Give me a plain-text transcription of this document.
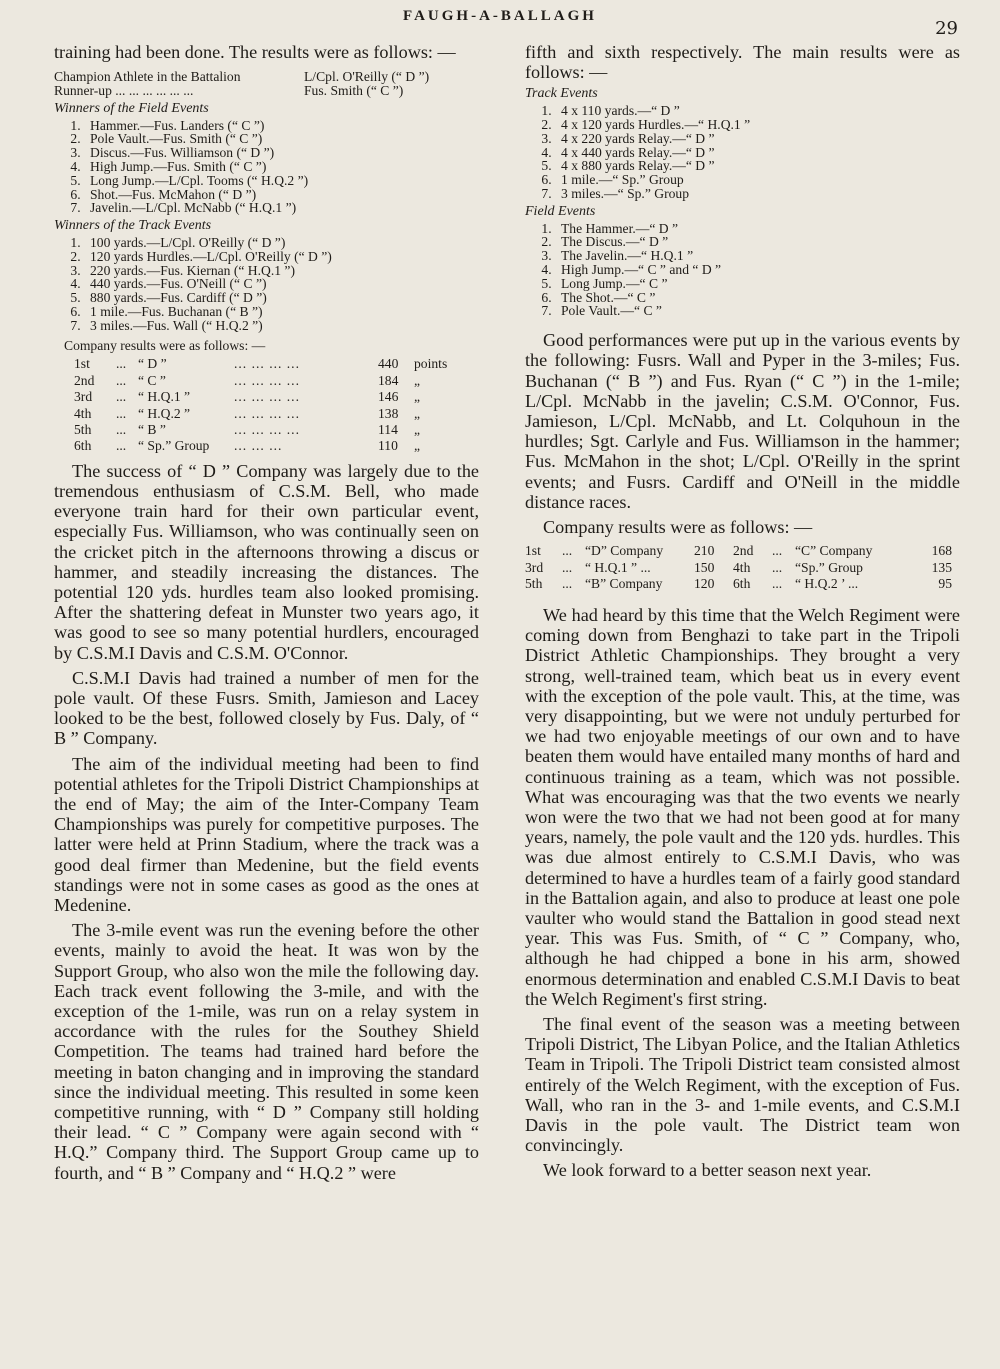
FAUGH-A-BALLAGH
29

training had been done. The results were as follows: —

Champion Athlete in the Battalion	L/Cpl. O'Reilly (“ D ”)
Runner-up ... ... ... ... ... ...	Fus. Smith (“ C ”)
Winners of the Field Events
1. Hammer.—Fus. Landers (“ C ”)
2. Pole Vault.—Fus. Smith (“ C ”)
3. Discus.—Fus. Williamson (“ D ”)
4. High Jump.—Fus. Smith (“ C ”)
5. Long Jump.—L/Cpl. Tooms (“ H.Q.2 ”)
6. Shot.—Fus. McMahon (“ D ”)
7. Javelin.—L/Cpl. McNabb (“ H.Q.1 ”)
Winners of the Track Events
1. 100 yards.—L/Cpl. O'Reilly (“ D ”)
2. 120 yards Hurdles.—L/Cpl. O'Reilly (“ D ”)
3. 220 yards.—Fus. Kiernan (“ H.Q.1 ”)
4. 440 yards.—Fus. O'Neill (“ C ”)
5. 880 yards.—Fus. Cardiff (“ D ”)
6. 1 mile.—Fus. Buchanan (“ B ”)
7. 3 miles.—Fus. Wall (“ H.Q.2 ”)
Company results were as follows: —
1st	...	“ D ”	... ... ... ...	440	points
2nd	...	“ C ”	... ... ... ...	184	„
3rd	...	“ H.Q.1 ”	... ... ... ...	146	„
4th	...	“ H.Q.2 ”	... ... ... ...	138	„
5th	...	“ B ”	... ... ... ...	114	„
6th	...	“ Sp.” Group	... ... ...	110	„

The success of “ D ” Company was largely due to the tremendous enthusiasm of C.S.M. Bell, who made everyone train hard for their own particular event, especially Fus. Williamson, who was continually seen on the cricket pitch in the afternoons throwing a discus or hammer, and steadily increasing the distances. The potential 120 yds. hurdles team also looked promising. After the shattering defeat in Munster two years ago, it was good to see so many potential hurdlers, encouraged by C.S.M.I Davis and C.S.M. O'Connor.

C.S.M.I Davis had trained a number of men for the pole vault. Of these Fusrs. Smith, Jamieson and Lacey looked to be the best, followed closely by Fus. Daly, of “ B ” Company.

The aim of the individual meeting had been to find potential athletes for the Tripoli District Championships at the end of May; the aim of the Inter-Company Team Championships was purely for competitive purposes. The latter were held at Prinn Stadium, where the track was a good deal firmer than Medenine, but the field events standings were not in some cases as good as the ones at Medenine.

The 3-mile event was run the evening before the other events, mainly to avoid the heat. It was won by the Support Group, who also won the mile the following day. Each track event following the 3-mile, and with the exception of the 1-mile, was run on a relay system in accordance with the rules for the Southey Shield Competition. The teams had trained hard before the meeting in baton changing and in improving the standard since the individual meeting. This resulted in some keen competitive running, with “ D ” Company still holding their lead. “ C ” Company were again second with “ H.Q.” Company third. The Support Group came up to fourth, and “ B ” Company and “ H.Q.2 ” were

fifth and sixth respectively. The main results were as follows: —

Track Events
1. 4 x 110 yards.—“ D ”
2. 4 x 120 yards Hurdles.—“ H.Q.1 ”
3. 4 x 220 yards Relay.—“ D ”
4. 4 x 440 yards Relay.—“ D ”
5. 4 x 880 yards Relay.—“ D ”
6. 1 mile.—“ Sp.” Group
7. 3 miles.—“ Sp.” Group
Field Events
1. The Hammer.—“ D ”
2. The Discus.—“ D ”
3. The Javelin.—“ H.Q.1 ”
4. High Jump.—“ C ” and “ D ”
5. Long Jump.—“ C ”
6. The Shot.—“ C ”
7. Pole Vault.—“ C ”

Good performances were put up in the various events by the following: Fusrs. Wall and Pyper in the 3-miles; Fus. Buchanan (“ B ”) and Fus. Ryan (“ C ”) in the 1-mile; L/Cpl. McNabb in the javelin; C.S.M. O'Connor, Fus. Jamieson, L/Cpl. McNabb, and Lt. Colquhoun in the hurdles; Sgt. Carlyle and Fus. Williamson in the hammer; Fus. McMahon in the shot; L/Cpl. O'Reilly in the sprint events; and Fusrs. Cardiff and O'Neill in the middle distance races.

Company results were as follows: —

1st	...	“D” Company	210	2nd	...	“C” Company	168
3rd	...	“ H.Q.1 ” ...	150	4th	...	“Sp.” Group	135
5th	...	“B” Company	120	6th	...	“ H.Q.2 ’ ...	95

We had heard by this time that the Welch Regiment were coming down from Benghazi to take part in the Tripoli District Athletic Championships. They brought a very strong, well-trained team, which beat us in every event with the exception of the pole vault. This, at the time, was very disappointing, but we were not unduly perturbed for we had two enjoyable meetings of our own and to have beaten them would have entailed many months of hard and continuous training as a team, which was not possible. What was encouraging was that the two events we nearly won were the two that we had not been good at for many years, namely, the pole vault and the 120 yds. hurdles. This was due almost entirely to C.S.M.I Davis, who was determined to have a hurdles team of a fairly good standard in the Battalion again, and also to produce at least one pole vaulter who would stand the Battalion in good stead next year. This was Fus. Smith, of “ C ” Company, who, although he had chipped a bone in his arm, showed enormous determination and enabled C.S.M.I Davis to beat the Welch Regiment's first string.

The final event of the season was a meeting between Tripoli District, The Libyan Police, and the Italian Athletics Team in Tripoli. The Tripoli District team consisted almost entirely of the Welch Regiment, with the exception of Fus. Wall, who ran in the 3- and 1-mile events, and C.S.M.I Davis in the pole vault. The District team won convincingly.

We look forward to a better season next year.
